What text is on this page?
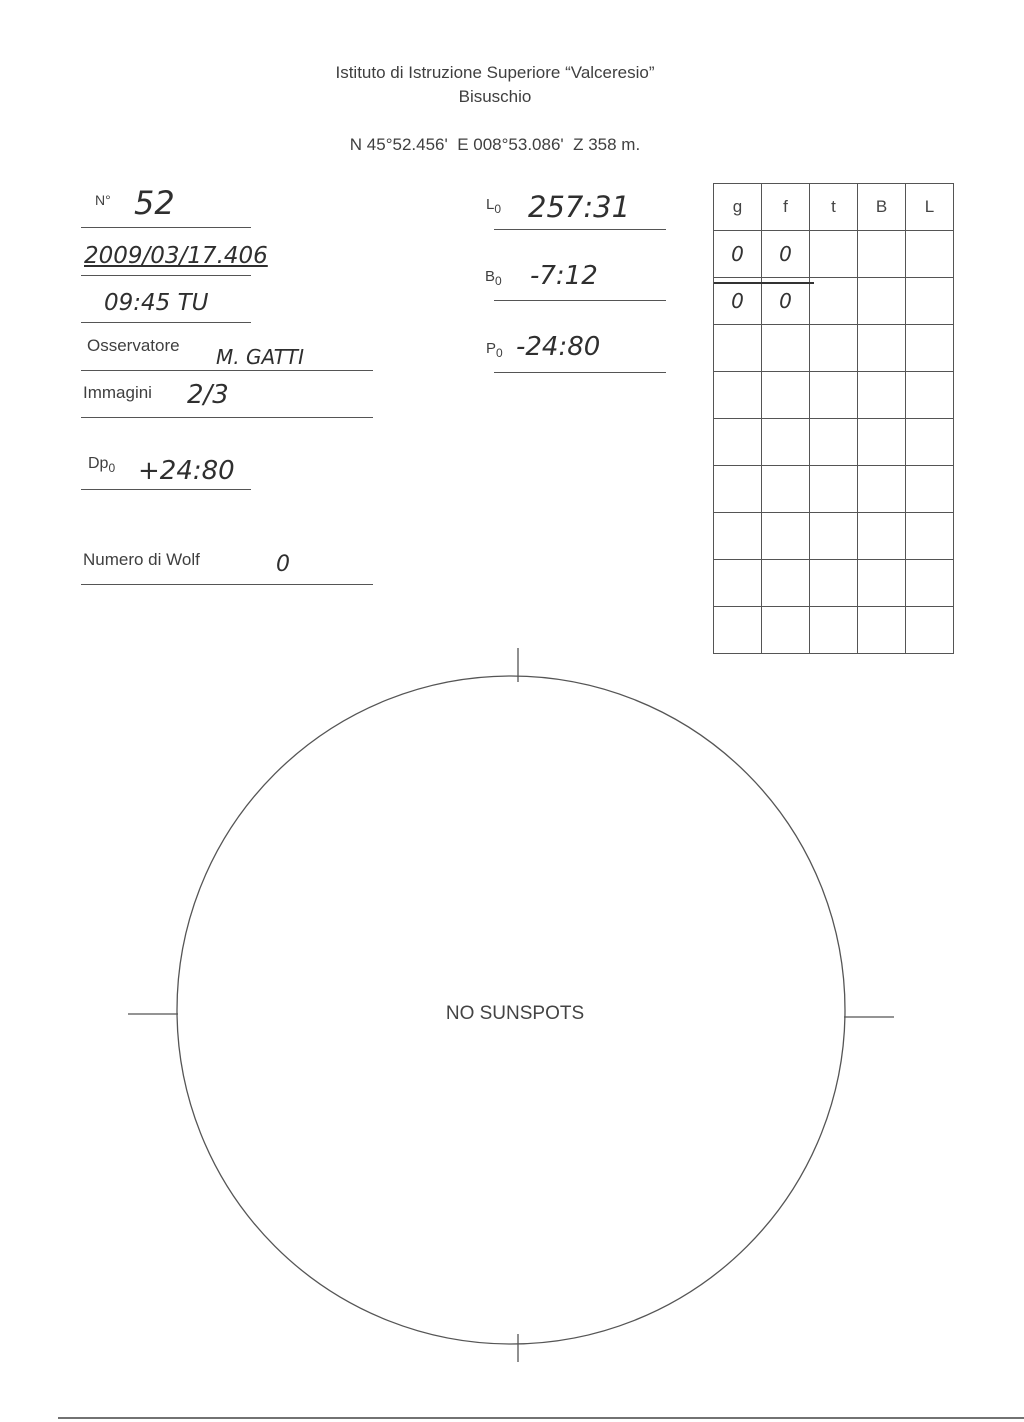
Istituto di Istruzione Superiore “Valceresio”
Bisuschio
N 45°52.456'  E 008°53.086'  Z 358 m.
N° 52
2009/03/17.406
09:45 TU
Osservatore M. GATTI
Immagini 2/3
$Dp_0$ +24:80
Numero di Wolf	0
$L_0$ 257:31
$B_0$ -7:12
$P_0$ -24:80
g	f	t	B	L
0	0			
0	0			

NO SUNSPOTS
